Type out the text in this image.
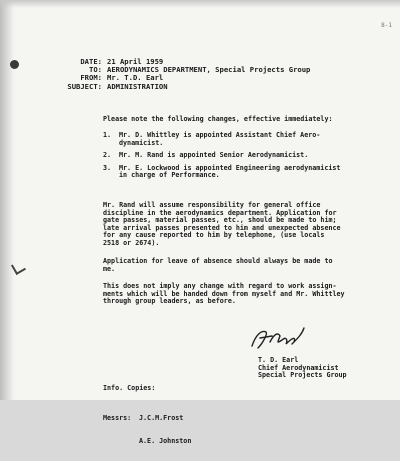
8-1
DATE: 21 April 1959
TO: AERODYNAMICS DEPARTMENT, Special Projects Group
FROM: Mr. T.D. Earl
SUBJECT: ADMINISTRATION
Please note the following changes, effective immediately:
1.	Mr. D. Whittley is appointed Assistant Chief Aero-
dynamicist.
2.	Mr. M. Rand is appointed Senior Aerodynamicist.
3.	Mr. E. Lockwood is appointed Engineering aerodynamicist
in charge of Performance.
Mr. Rand will assume responsibility for general office
discipline in the aerodynamics department. Application for
gate passes, material passes, etc., should be made to him;
late arrival passes presented to him and unexpected absence
for any cause reported to him by telephone, (use locals
2518 or 2674).
Application for leave of absence should always be made to
me.
This does not imply any change with regard to work assign-
ments which will be handed down from myself and Mr. Whittley
through group leaders, as before.
T. D. Earl
Chief Aerodynamicist
Special Projects Group

Info. Copies:

Messrs:	J.C.M.Frost

A.E. Johnston
